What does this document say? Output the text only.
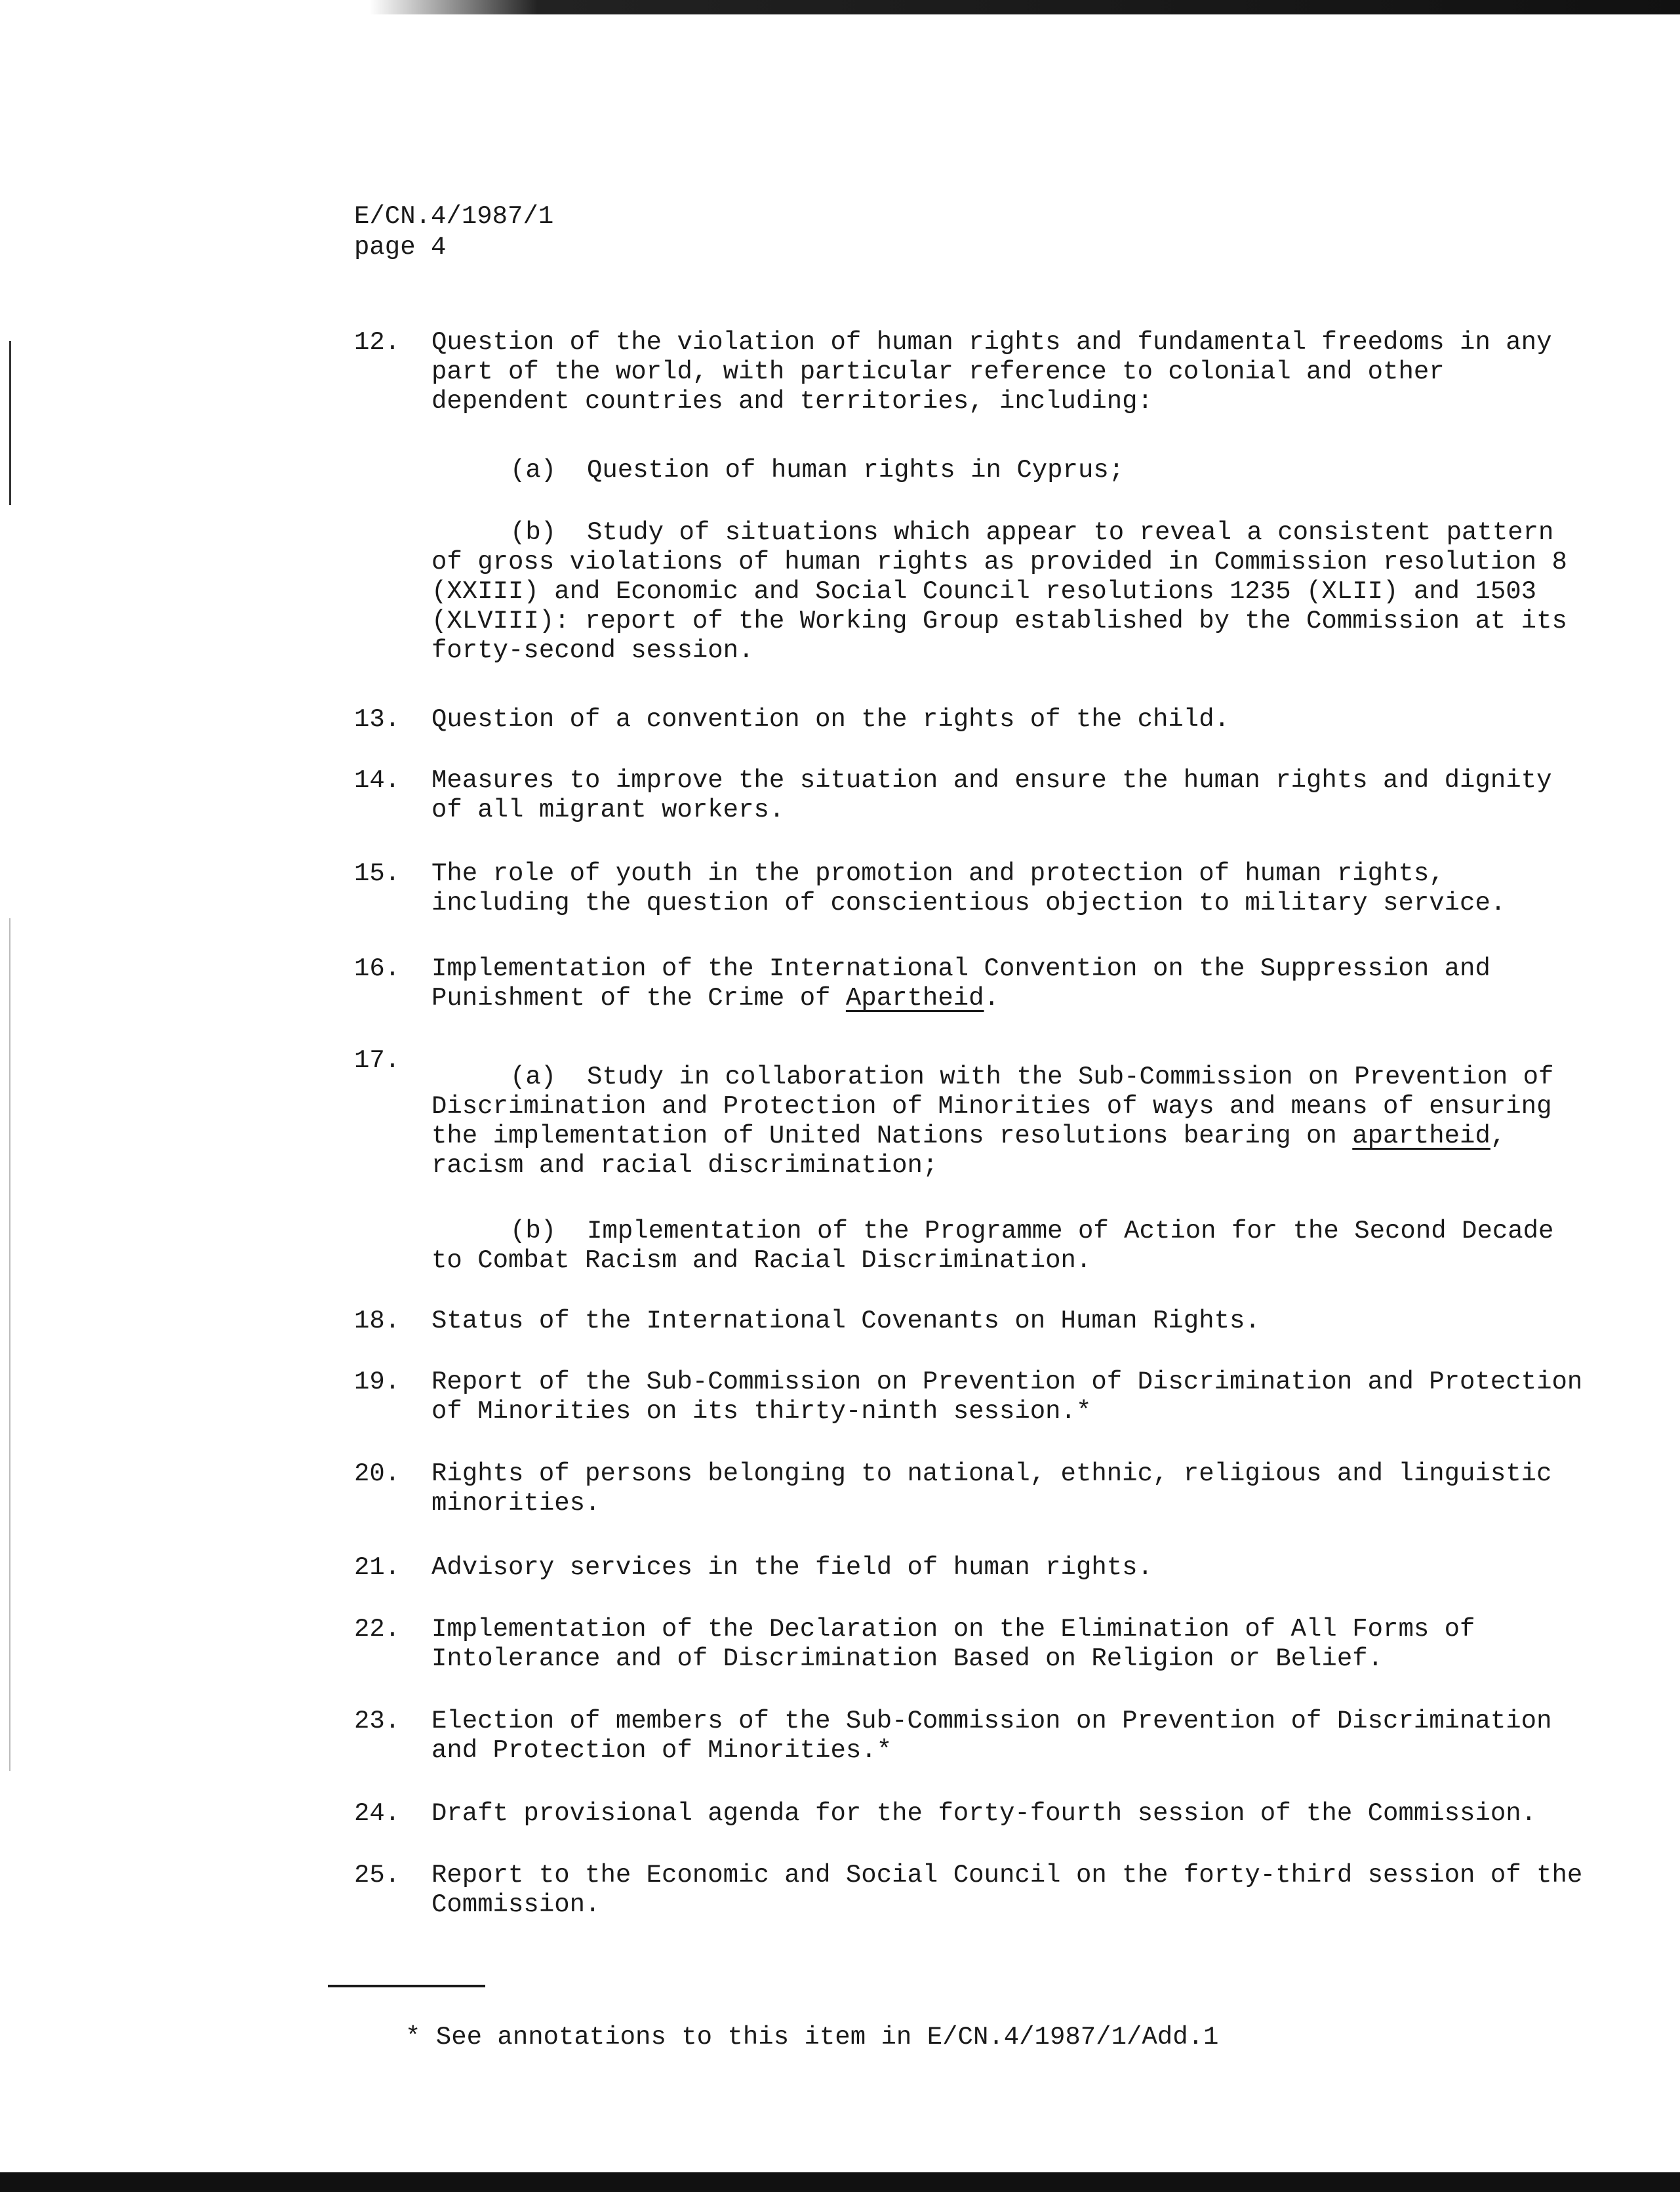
E/CN.4/1987/1
page 4
12. Question of the violation of human rights and fundamental freedoms in any part of the world, with particular reference to colonial and other dependent countries and territories, including:
(a)  Question of human rights in Cyprus;
(b)  Study of situations which appear to reveal a consistent pattern of gross violations of human rights as provided in Commission resolution 8 (XXIII) and Economic and Social Council resolutions 1235 (XLII) and 1503 (XLVIII): report of the Working Group established by the Commission at its forty-second session.
13. Question of a convention on the rights of the child.
14. Measures to improve the situation and ensure the human rights and dignity of all migrant workers.
15. The role of youth in the promotion and protection of human rights, including the question of conscientious objection to military service.
16. Implementation of the International Convention on the Suppression and Punishment of the Crime of Apartheid.
17.
(a)  Study in collaboration with the Sub-Commission on Prevention of Discrimination and Protection of Minorities of ways and means of ensuring the implementation of United Nations resolutions bearing on apartheid, racism and racial discrimination;
(b)  Implementation of the Programme of Action for the Second Decade to Combat Racism and Racial Discrimination.
18. Status of the International Covenants on Human Rights.
19. Report of the Sub-Commission on Prevention of Discrimination and Protection of Minorities on its thirty-ninth session.*
20. Rights of persons belonging to national, ethnic, religious and linguistic minorities.
21. Advisory services in the field of human rights.
22. Implementation of the Declaration on the Elimination of All Forms of Intolerance and of Discrimination Based on Religion or Belief.
23. Election of members of the Sub-Commission on Prevention of Discrimination and Protection of Minorities.*
24. Draft provisional agenda for the forty-fourth session of the Commission.
25. Report to the Economic and Social Council on the forty-third session of the Commission.
* See annotations to this item in E/CN.4/1987/1/Add.1
